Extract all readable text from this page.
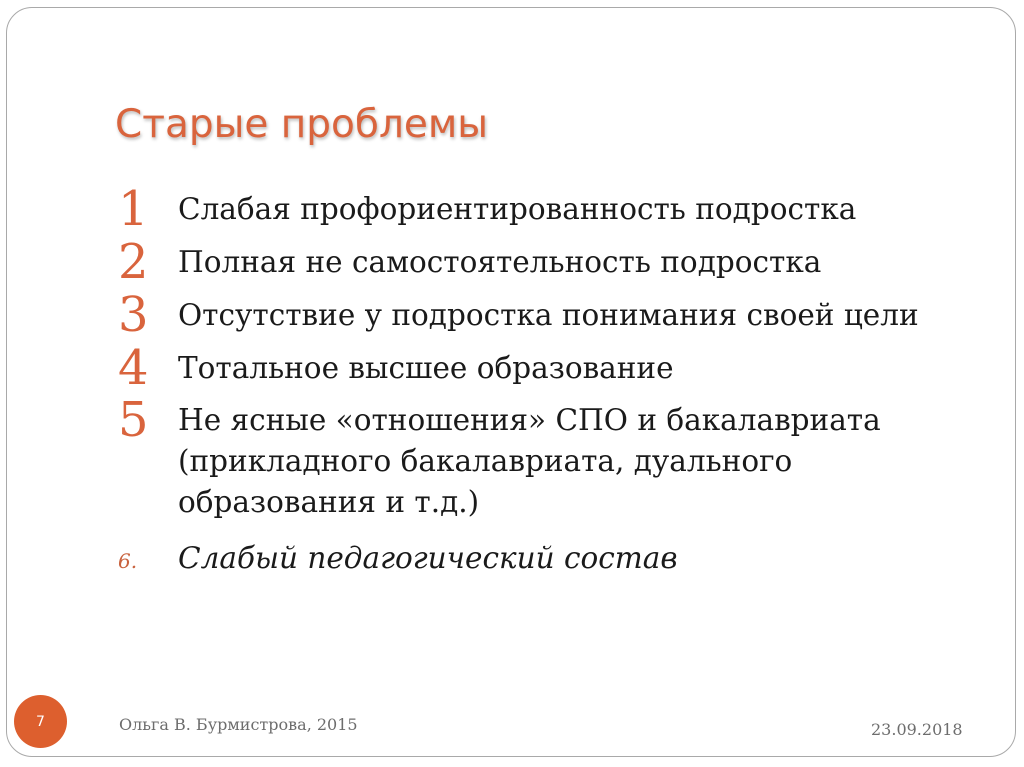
Старые проблемы
1 Слабая профориентированность подростка
2 Полная не самостоятельность подростка
3 Отсутствие у подростка понимания своей цели
4 Тотальное высшее образование
5 Не ясные «отношения» СПО и бакалавриата (прикладного бакалавриата, дуального образования и т.д.)
6. Слабый педагогический состав
Ольга В. Бурмистрова, 2015	23.09.2018
7
